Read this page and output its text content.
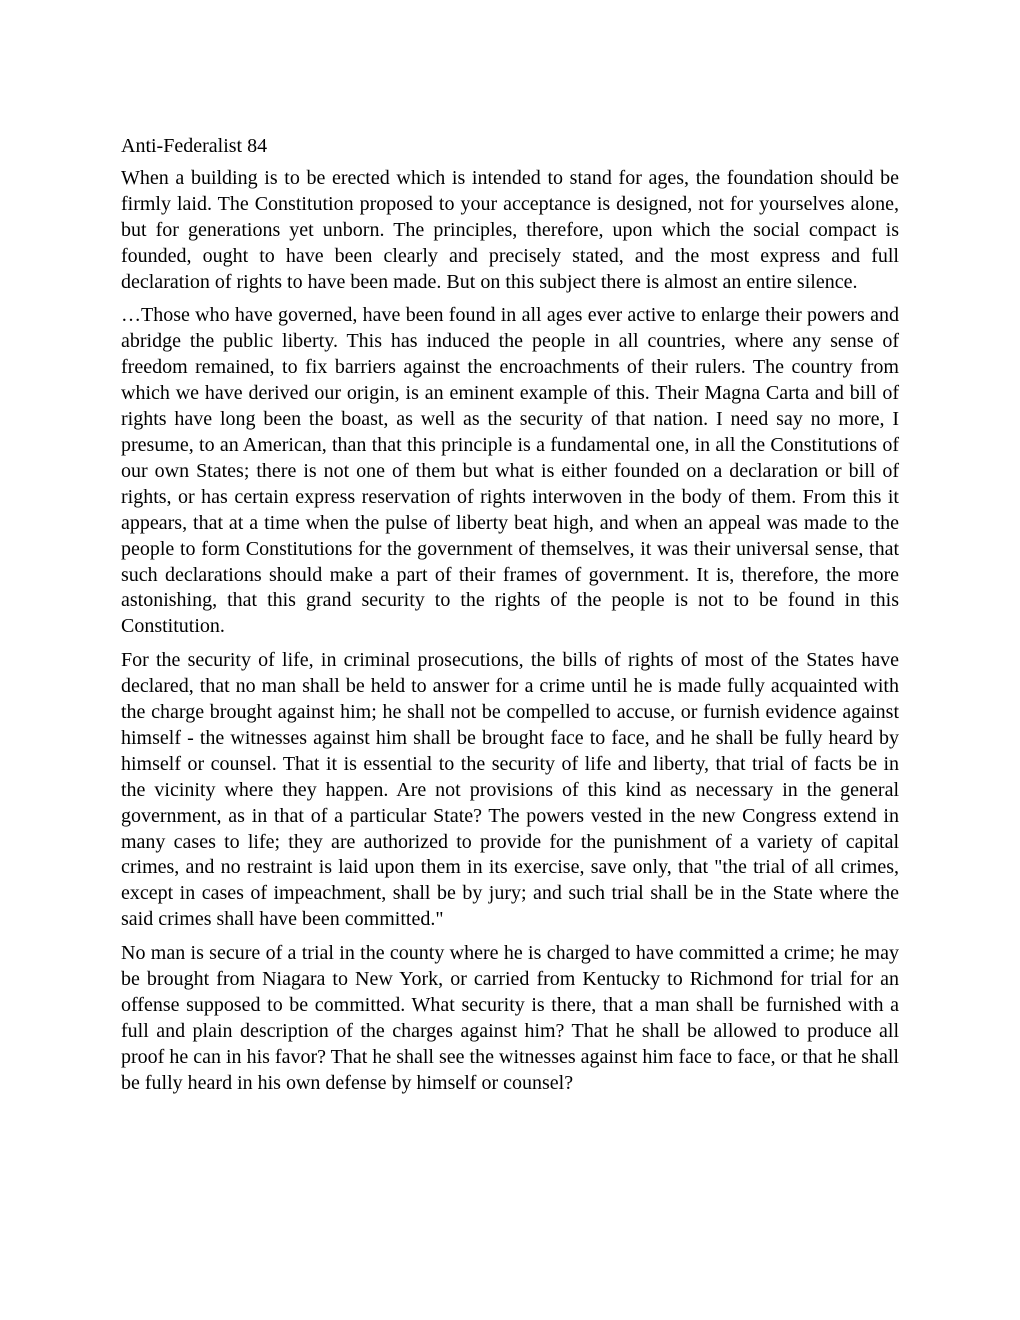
Anti-Federalist 84

When a building is to be erected which is intended to stand for ages, the foundation should be firmly laid. The Constitution proposed to your acceptance is designed, not for yourselves alone, but for generations yet unborn. The principles, therefore, upon which the social compact is founded, ought to have been clearly and precisely stated, and the most express and full declaration of rights to have been made. But on this subject there is almost an entire silence.

…Those who have governed, have been found in all ages ever active to enlarge their powers and abridge the public liberty. This has induced the people in all countries, where any sense of freedom remained, to fix barriers against the encroachments of their rulers. The country from which we have derived our origin, is an eminent example of this. Their Magna Carta and bill of rights have long been the boast, as well as the security of that nation. I need say no more, I presume, to an American, than that this principle is a fundamental one, in all the Constitutions of our own States; there is not one of them but what is either founded on a declaration or bill of rights, or has certain express reservation of rights interwoven in the body of them. From this it appears, that at a time when the pulse of liberty beat high, and when an appeal was made to the people to form Constitutions for the government of themselves, it was their universal sense, that such declarations should make a part of their frames of government. It is, therefore, the more astonishing, that this grand security to the rights of the people is not to be found in this Constitution.

For the security of life, in criminal prosecutions, the bills of rights of most of the States have declared, that no man shall be held to answer for a crime until he is made fully acquainted with the charge brought against him; he shall not be compelled to accuse, or furnish evidence against himself - the witnesses against him shall be brought face to face, and he shall be fully heard by himself or counsel. That it is essential to the security of life and liberty, that trial of facts be in the vicinity where they happen. Are not provisions of this kind as necessary in the general government, as in that of a particular State? The powers vested in the new Congress extend in many cases to life; they are authorized to provide for the punishment of a variety of capital crimes, and no restraint is laid upon them in its exercise, save only, that "the trial of all crimes, except in cases of impeachment, shall be by jury; and such trial shall be in the State where the said crimes shall have been committed."

No man is secure of a trial in the county where he is charged to have committed a crime; he may be brought from Niagara to New York, or carried from Kentucky to Richmond for trial for an offense supposed to be committed. What security is there, that a man shall be furnished with a full and plain description of the charges against him? That he shall be allowed to produce all proof he can in his favor? That he shall see the witnesses against him face to face, or that he shall be fully heard in his own defense by himself or counsel?
